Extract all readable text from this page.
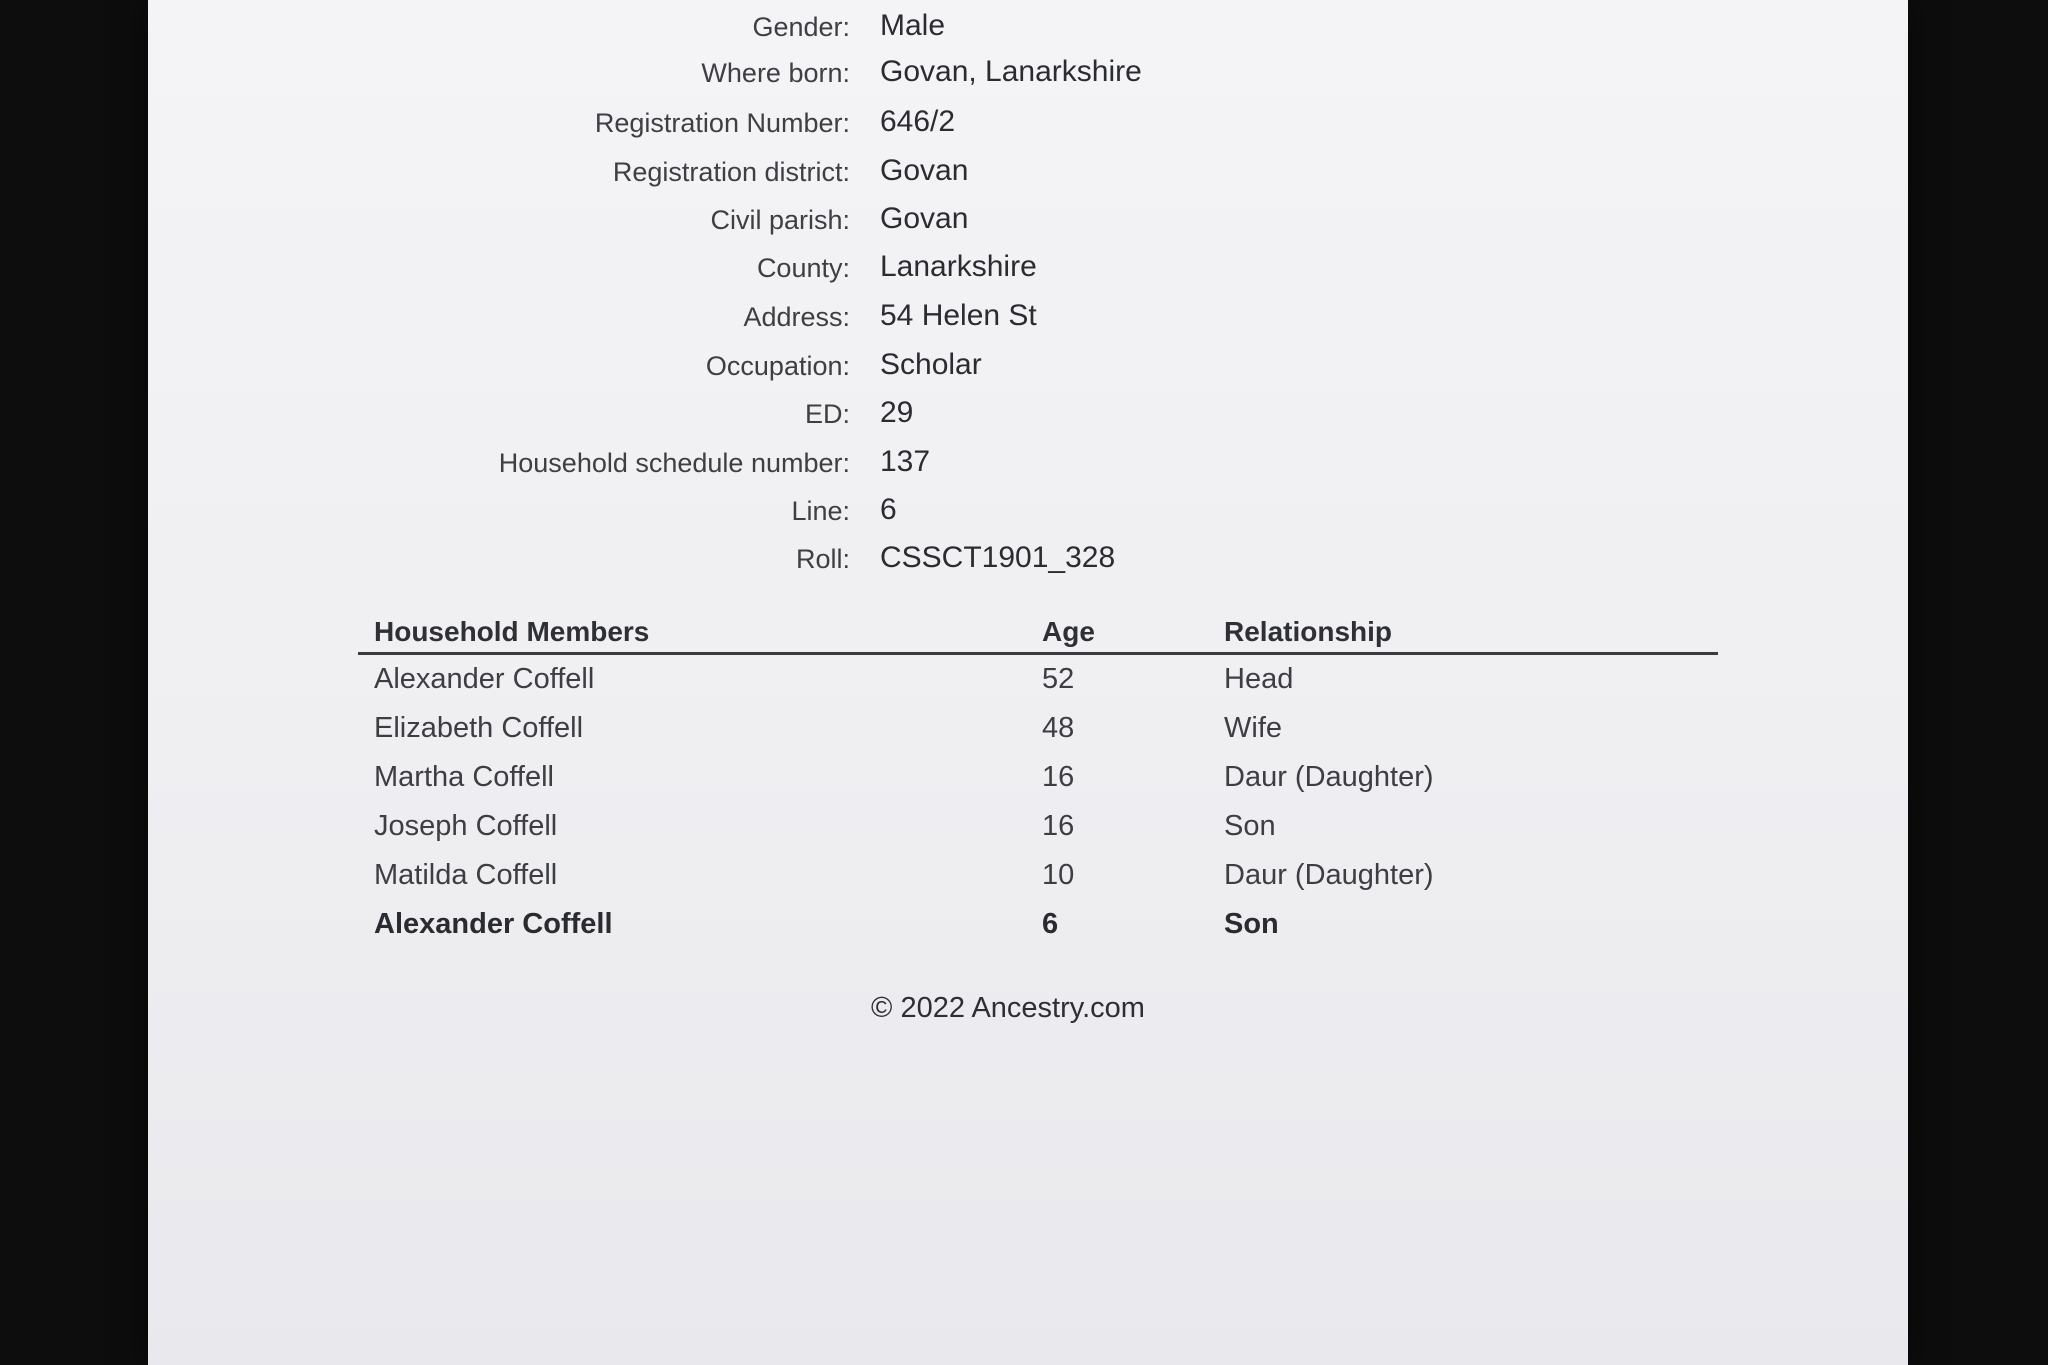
Gender: Male
Where born: Govan, Lanarkshire
Registration Number: 646/2
Registration district: Govan
Civil parish: Govan
County: Lanarkshire
Address: 54 Helen St
Occupation: Scholar
ED: 29
Household schedule number: 137
Line: 6
Roll: CSSCT1901_328
Household Members	Age	Relationship
Alexander Coffell	52	Head
Elizabeth Coffell	48	Wife
Martha Coffell	16	Daur (Daughter)
Joseph Coffell	16	Son
Matilda Coffell	10	Daur (Daughter)
Alexander Coffell	6	Son
© 2022 Ancestry.com
